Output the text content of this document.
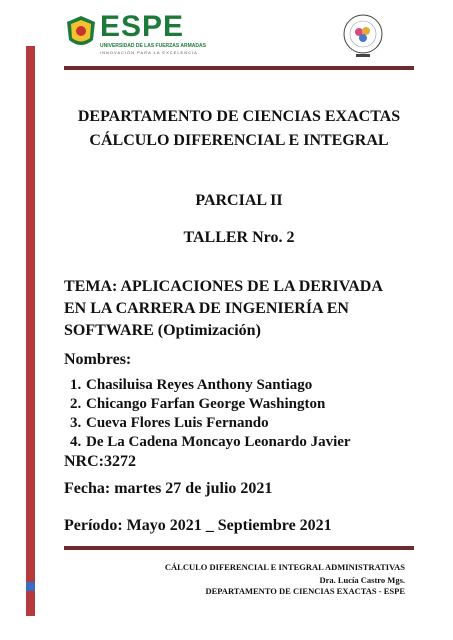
ESPE
UNIVERSIDAD DE LAS FUERZAS ARMADAS
INNOVACIÓN PARA LA EXCELENCIA
DEPARTAMENTO DE CIENCIAS EXACTAS
CÁLCULO DIFERENCIAL E INTEGRAL
PARCIAL II
TALLER Nro. 2
TEMA: APLICACIONES DE LA DERIVADA EN LA CARRERA DE INGENIERÍA EN SOFTWARE (Optimización)
Nombres:
1. Chasiluisa Reyes Anthony Santiago
2. Chicango Farfan George Washington
3. Cueva Flores Luis Fernando
4. De La Cadena Moncayo Leonardo Javier
NRC:3272
Fecha: martes 27 de julio 2021
Período: Mayo 2021 _ Septiembre 2021
CÁLCULO DIFERENCIAL E INTEGRAL ADMINISTRATIVAS
Dra. Lucía Castro Mgs.
DEPARTAMENTO DE CIENCIAS EXACTAS - ESPE
